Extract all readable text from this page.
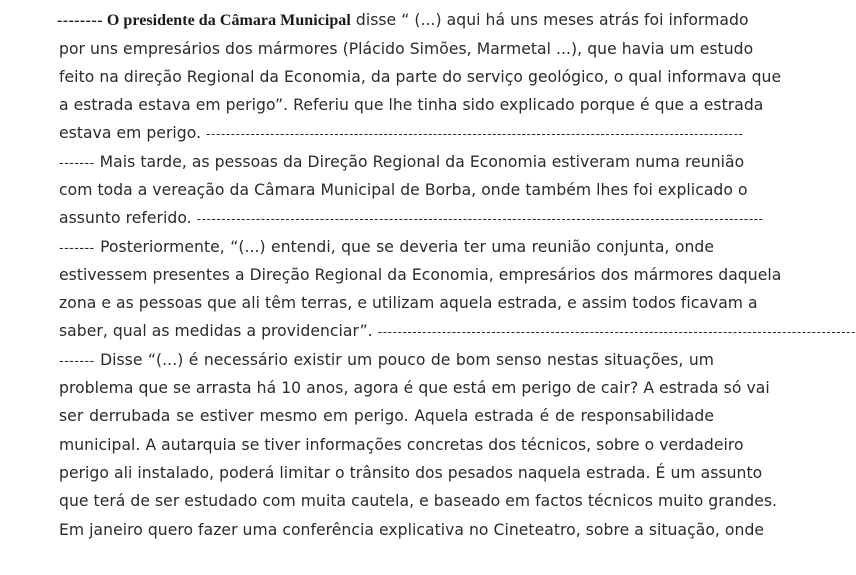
-------- O presidente da Câmara Municipal disse “ (...) aqui há uns meses atrás foi informado
por uns empresários dos mármores (Plácido Simões, Marmetal ...), que havia um estudo
feito na direção Regional da Economia, da parte do serviço geológico, o qual informava que
a estrada estava em perigo”. Referiu que lhe tinha sido explicado porque é que a estrada
estava em perigo. -------------------------------------------------------------------------------------------------------------
------- Mais tarde, as pessoas da Direção Regional da Economia estiveram numa reunião
com toda a vereação da Câmara Municipal de Borba, onde também lhes foi explicado o
assunto referido. -------------------------------------------------------------------------------------------------------------------
------- Posteriormente, “(...) entendi, que se deveria ter uma reunião conjunta, onde
estivessem presentes a Direção Regional da Economia, empresários dos mármores daquela
zona e as pessoas que ali têm terras, e utilizam aquela estrada, e assim todos ficavam a
saber, qual as medidas a providenciar”. -------------------------------------------------------------------------------------------------
------- Disse “(...) é necessário existir um pouco de bom senso nestas situações, um
problema que se arrasta há 10 anos, agora é que está em perigo de cair? A estrada só vai
ser derrubada se estiver mesmo em perigo. Aquela estrada é de responsabilidade
municipal. A autarquia se tiver informações concretas dos técnicos, sobre o verdadeiro
perigo ali instalado, poderá limitar o trânsito dos pesados naquela estrada. É um assunto
que terá de ser estudado com muita cautela, e baseado em factos técnicos muito grandes.
Em janeiro quero fazer uma conferência explicativa no Cineteatro, sobre a situação, onde
